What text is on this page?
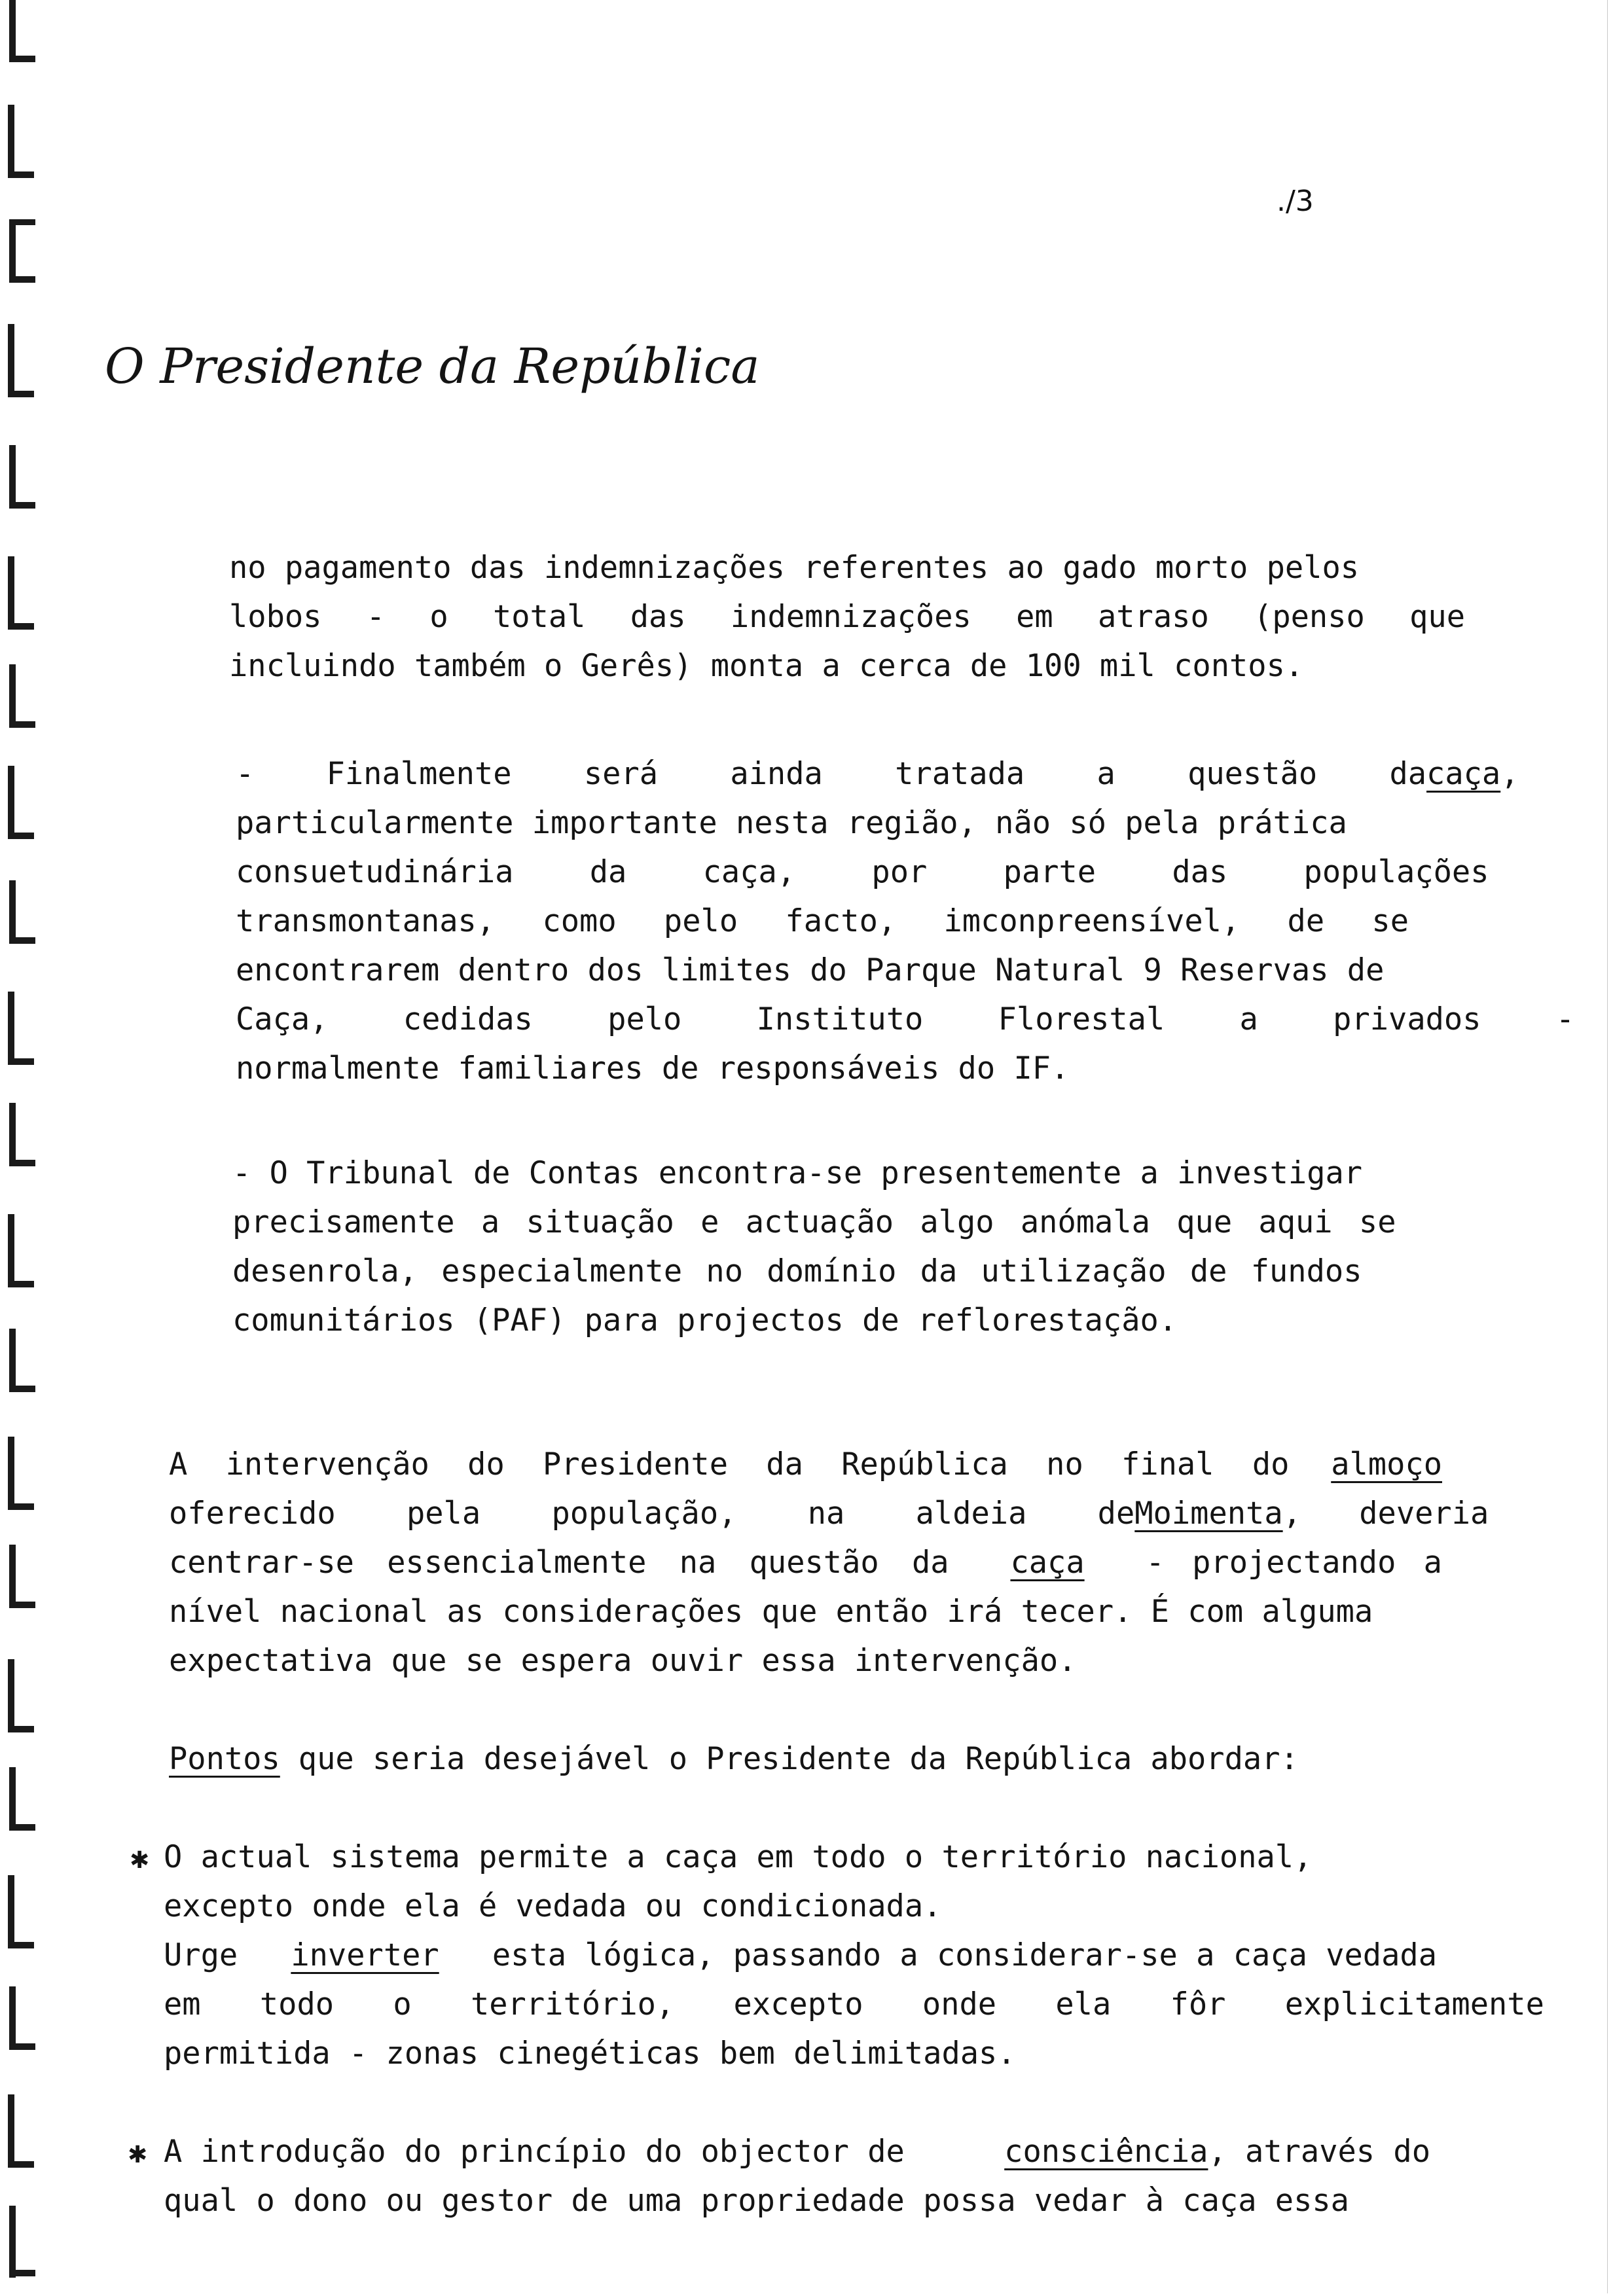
./3
O Presidente da República
no pagamento das indemnizações referentes ao gado morto pelos
lobos - o total das indemnizações em atraso (penso que
incluindo também o Gerês) monta a cerca de 100 mil contos.
- Finalmente será ainda tratada a questão da caça,
particularmente importante nesta região, não só pela prática
consuetudinária da caça, por parte das populações
transmontanas, como pelo facto, imconpreensível, de se
encontrarem dentro dos limites do Parque Natural 9 Reservas de
Caça, cedidas pelo Instituto Florestal a privados -
normalmente familiares de responsáveis do IF.
- O Tribunal de Contas encontra-se presentemente a investigar
precisamente a situação e actuação algo anómala que aqui se
desenrola, especialmente no domínio da utilização de fundos
comunitários (PAF) para projectos de reflorestação.
A intervenção do Presidente da República no final do almoço
oferecido pela população, na aldeia de Moimenta, deveria
centrar-se essencialmente na questão da caça - projectando a
nível nacional as considerações que então irá tecer. É com alguma
expectativa que se espera ouvir essa intervenção.
Pontos que seria desejável o Presidente da República abordar:
✱ O actual sistema permite a caça em todo o território nacional,
excepto onde ela é vedada ou condicionada.
Urge inverter esta lógica, passando a considerar-se a caça vedada
em todo o território, excepto onde ela fôr explicitamente
permitida - zonas cinegéticas bem delimitadas.
✱ A introdução do princípio do objector de	consciência, através do
qual o dono ou gestor de uma propriedade possa vedar à caça essa
